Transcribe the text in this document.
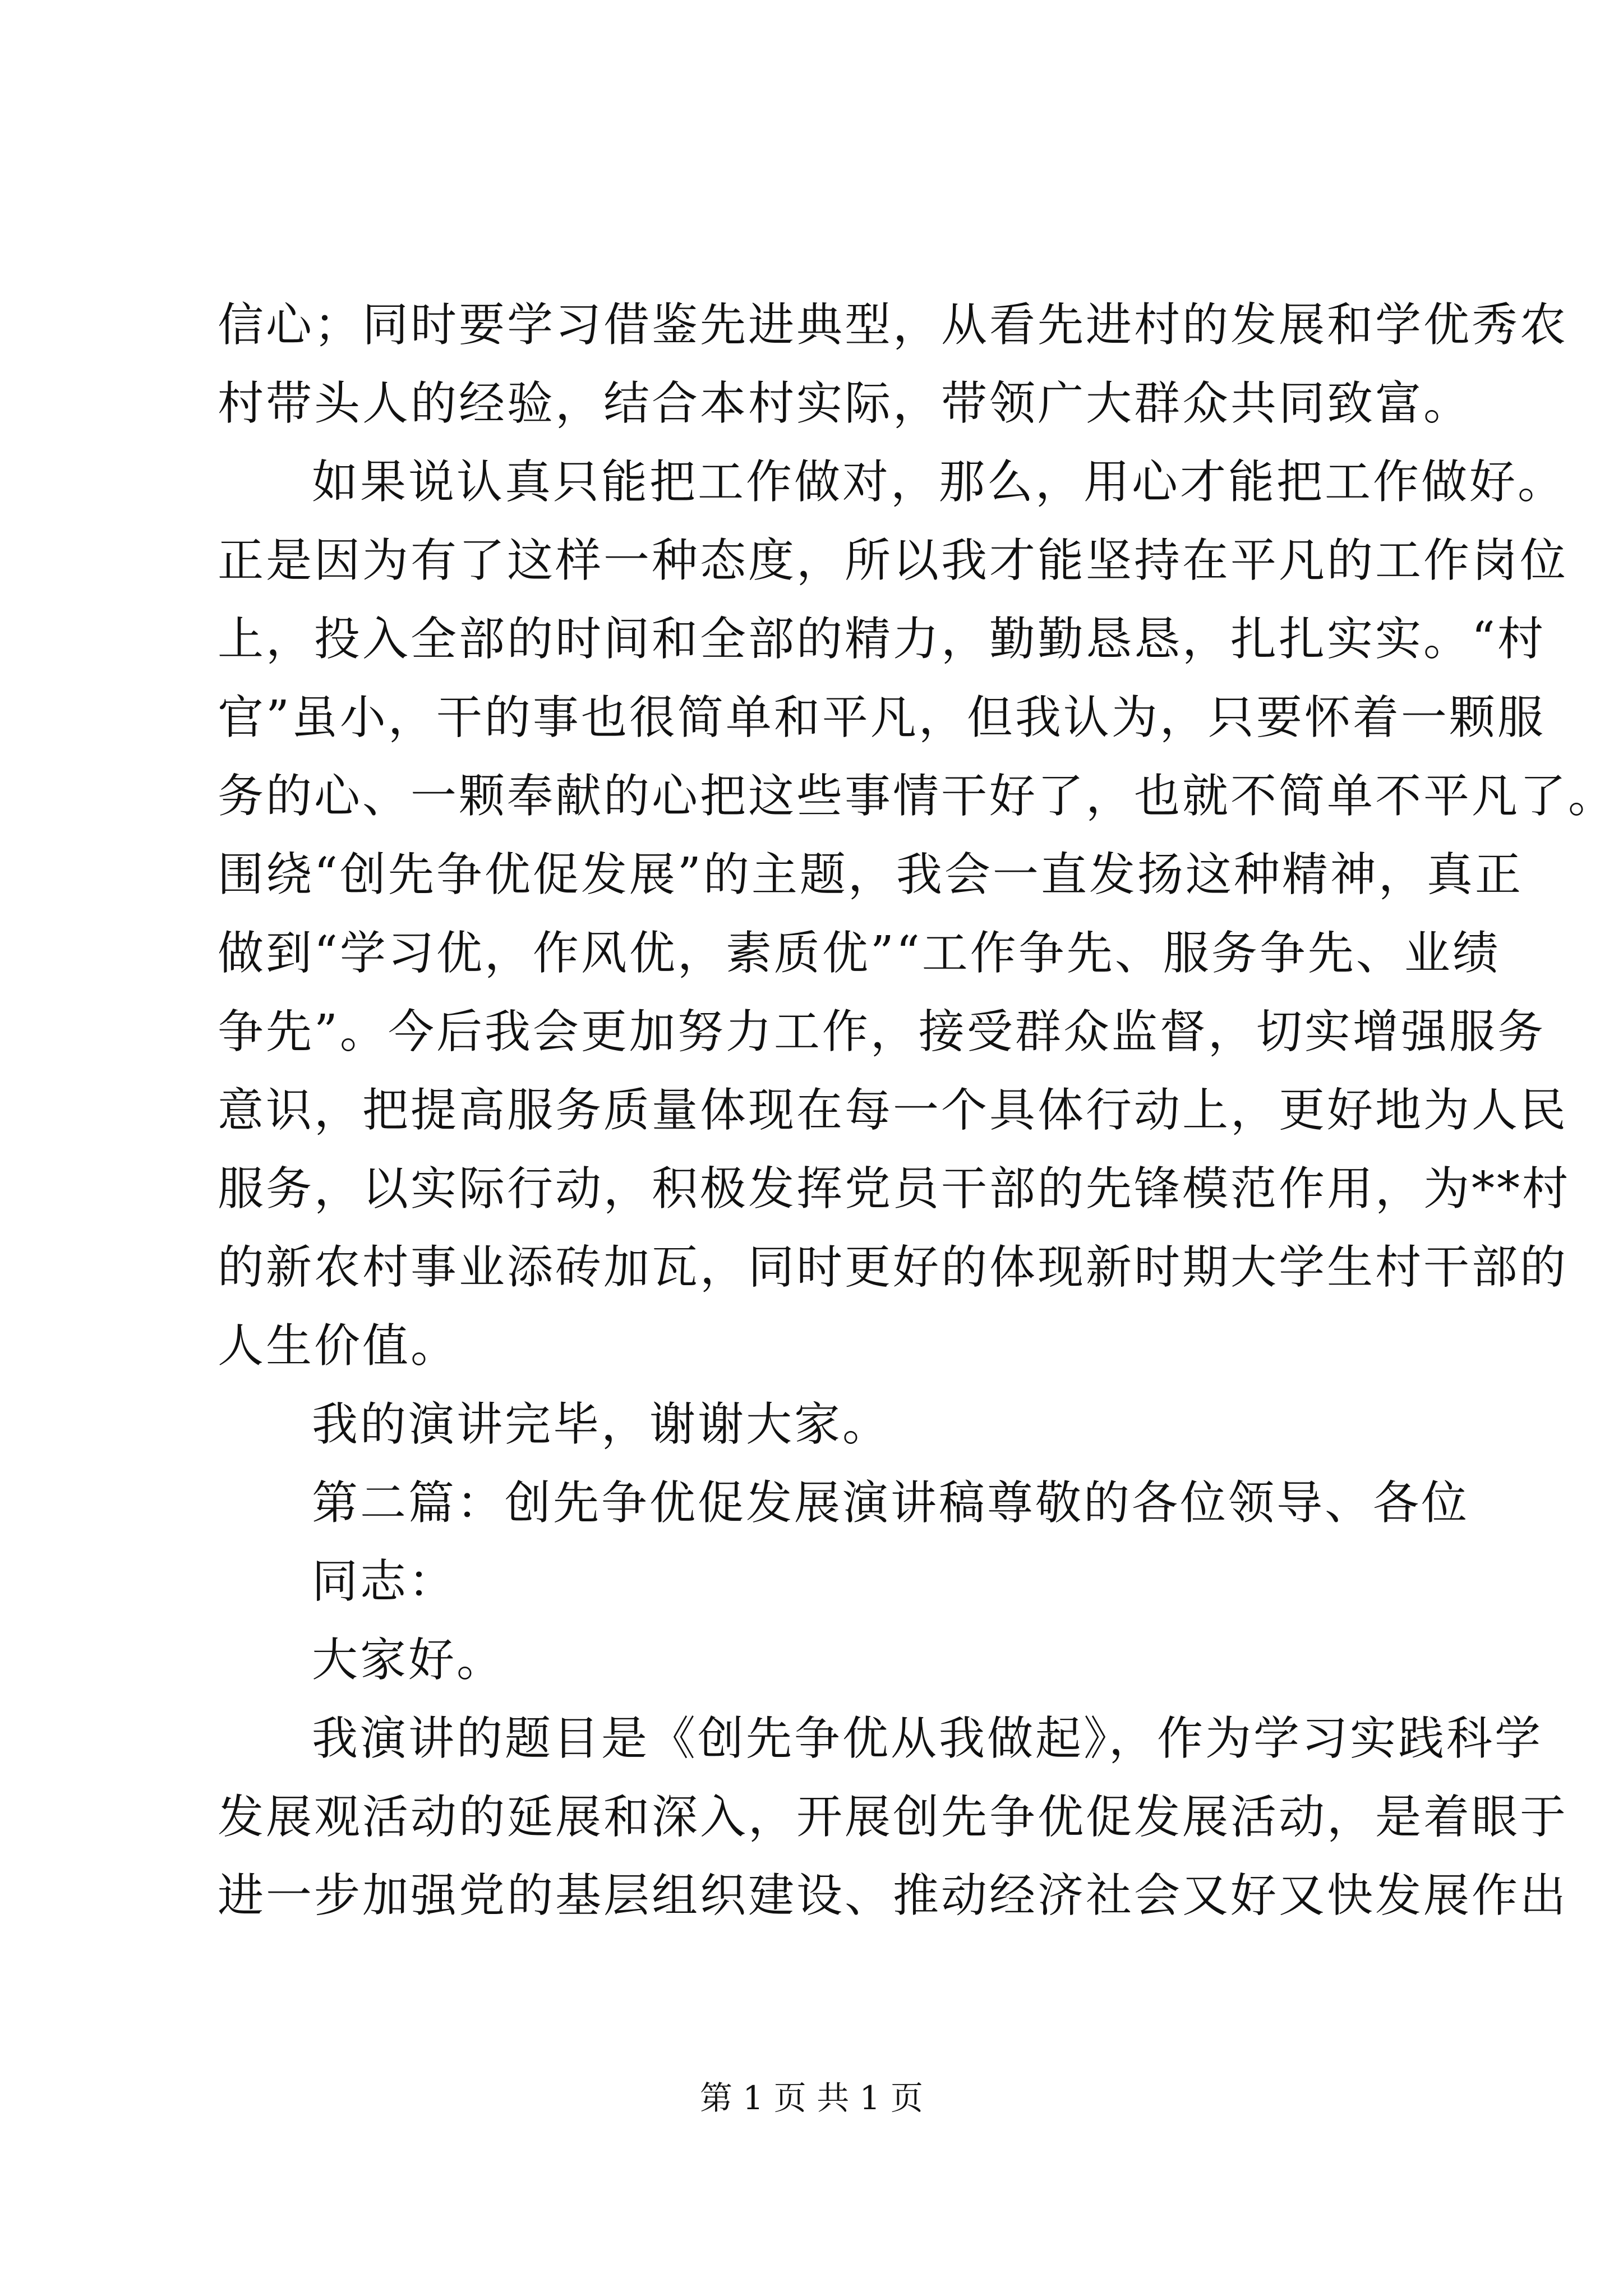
信心；同时要学习借鉴先进典型，从看先进村的发展和学优秀农
村带头人的经验，结合本村实际，带领广大群众共同致富。
如果说认真只能把工作做对，那么，用心才能把工作做好。
正是因为有了这样一种态度，所以我才能坚持在平凡的工作岗位
上，投入全部的时间和全部的精力，勤勤恳恳，扎扎实实。“村
官”虽小，干的事也很简单和平凡，但我认为，只要怀着一颗服
务的心、一颗奉献的心把这些事情干好了，也就不简单不平凡了。
围绕“创先争优促发展”的主题，我会一直发扬这种精神，真正
做到“学习优，作风优，素质优”“工作争先、服务争先、业绩
争先”。今后我会更加努力工作，接受群众监督，切实增强服务
意识，把提高服务质量体现在每一个具体行动上，更好地为人民
服务，以实际行动，积极发挥党员干部的先锋模范作用，为**村
的新农村事业添砖加瓦，同时更好的体现新时期大学生村干部的
人生价值。
我的演讲完毕，谢谢大家。
第二篇：创先争优促发展演讲稿尊敬的各位领导、各位
同志：
大家好。
我演讲的题目是《创先争优从我做起》，作为学习实践科学
发展观活动的延展和深入，开展创先争优促发展活动，是着眼于
进一步加强党的基层组织建设、推动经济社会又好又快发展作出
第 1 页 共 1 页
